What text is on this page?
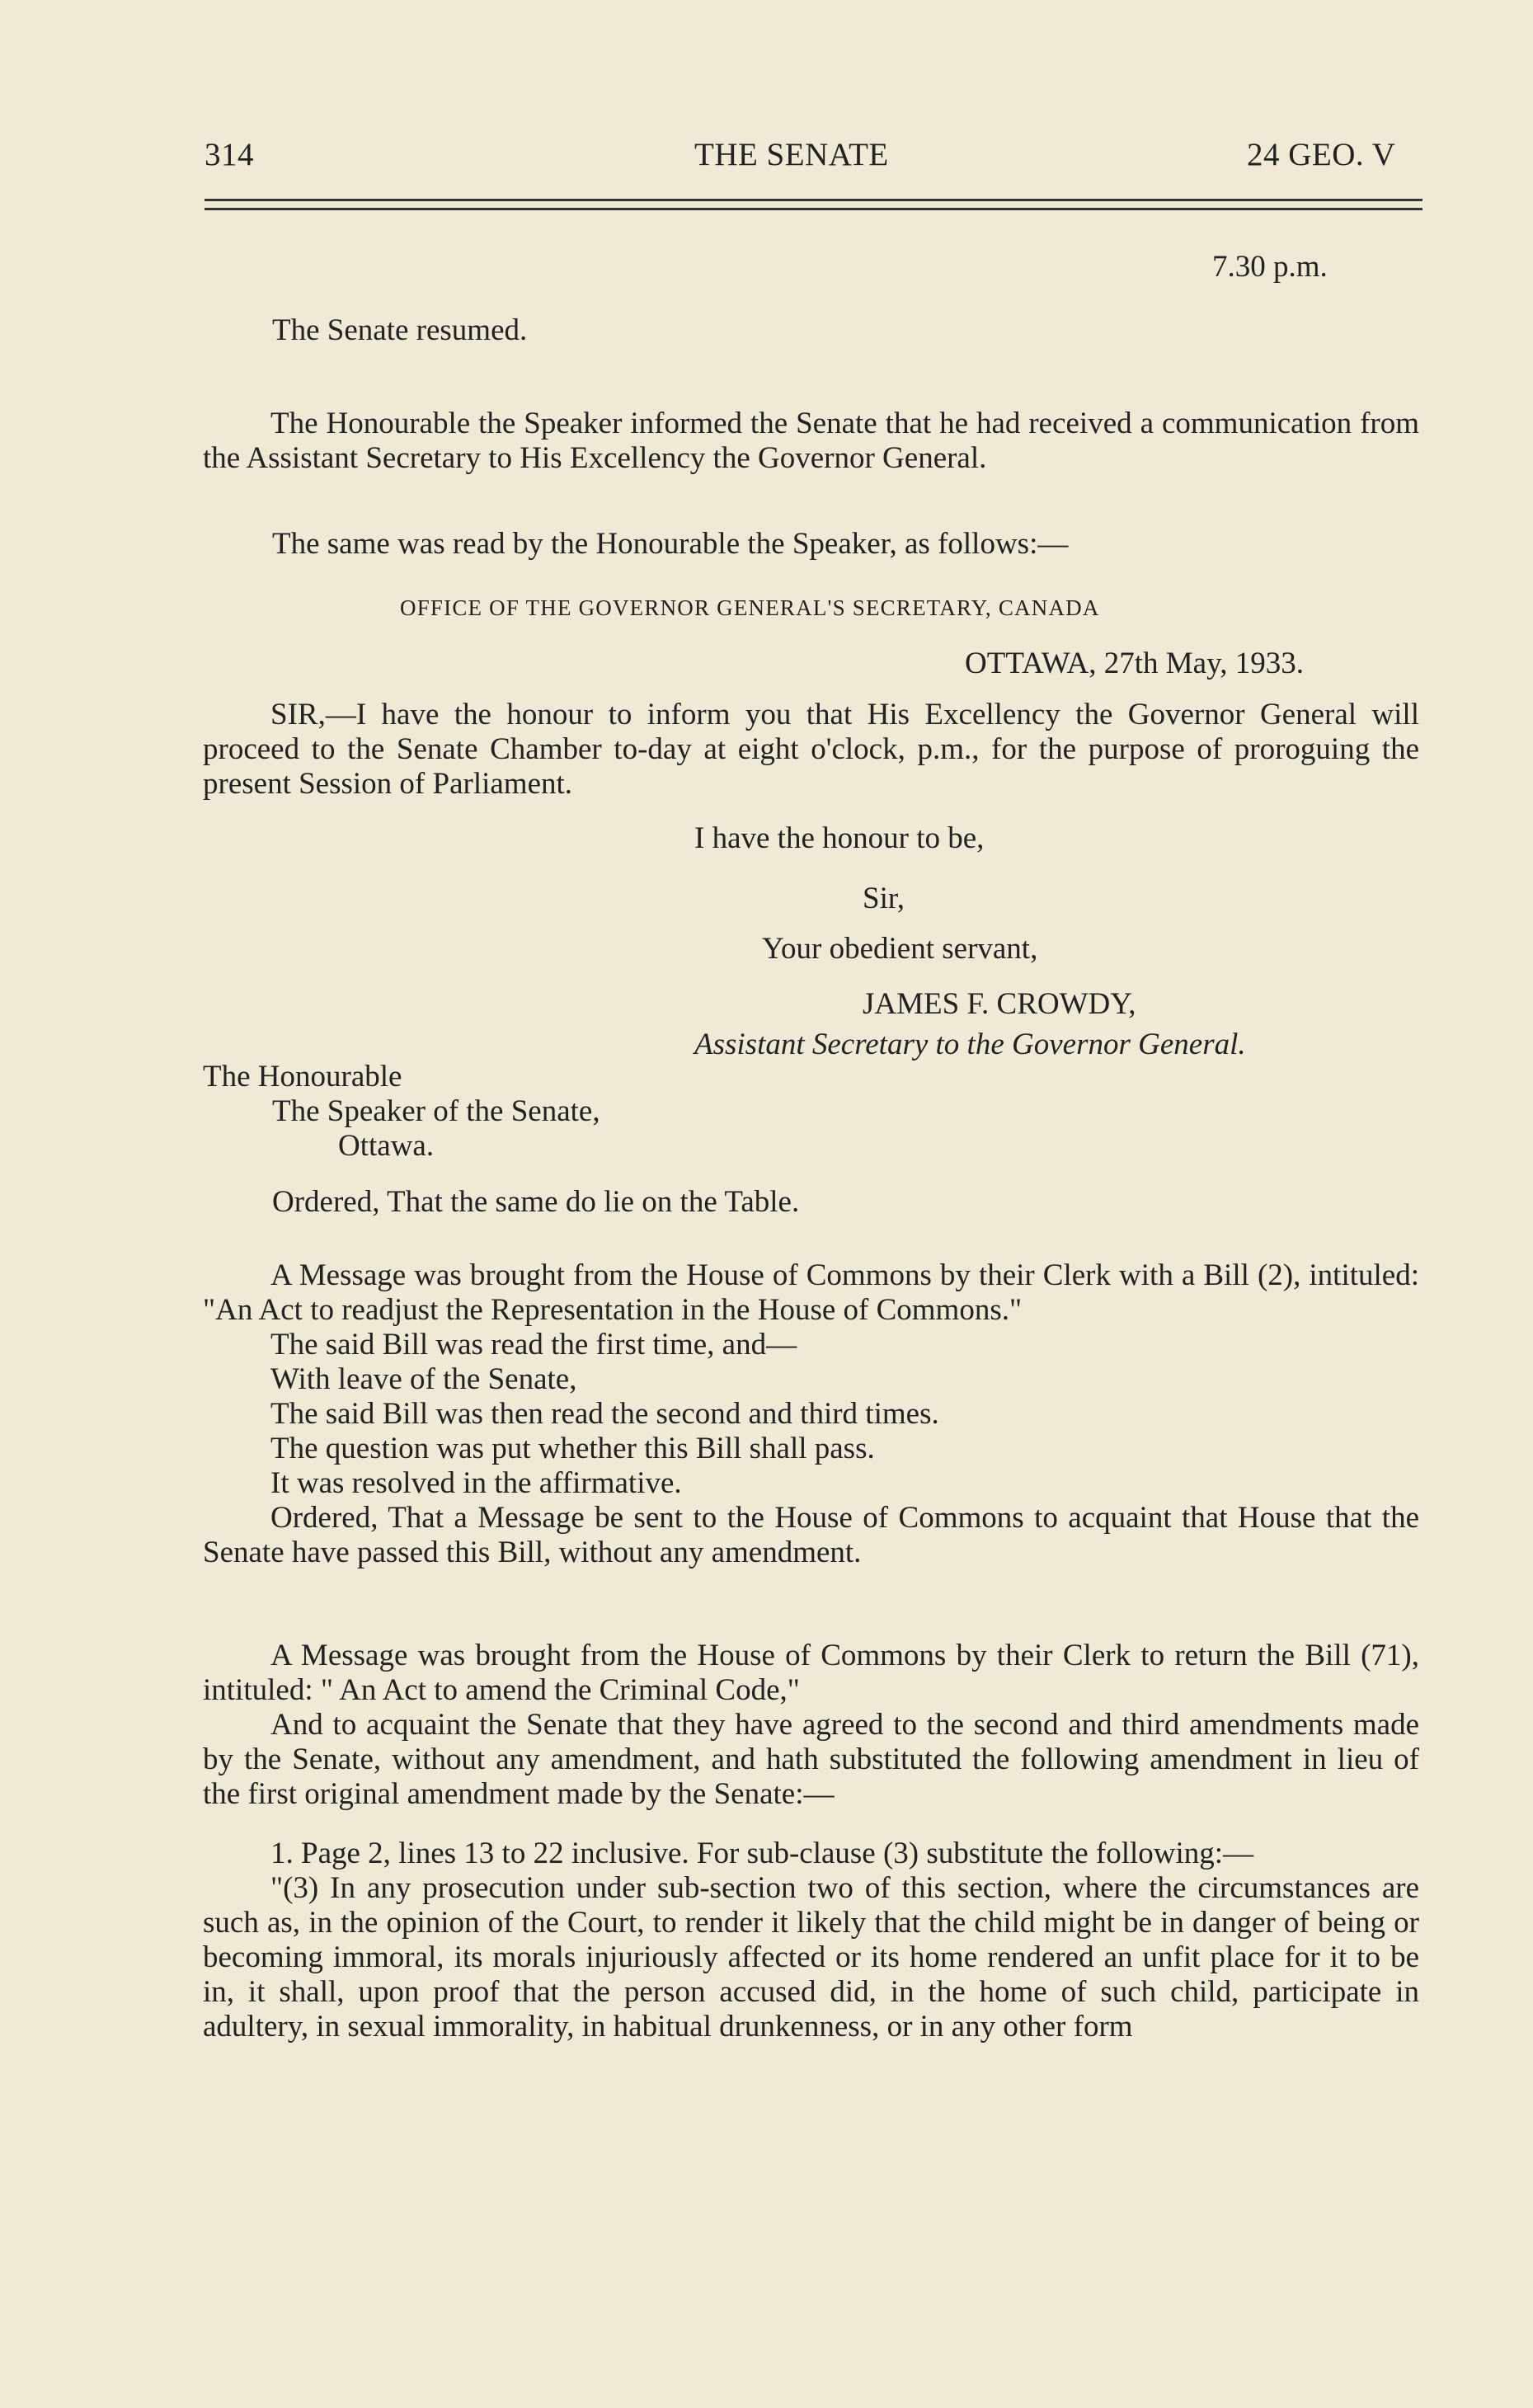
314	THE SENATE	24 GEO. V
7.30 p.m.
The Senate resumed.

The Honourable the Speaker informed the Senate that he had received a communication from the Assistant Secretary to His Excellency the Governor General.

The same was read by the Honourable the Speaker, as follows:—
OFFICE OF THE GOVERNOR GENERAL'S SECRETARY, CANADA
OTTAWA, 27th May, 1933.

SIR,—I have the honour to inform you that His Excellency the Governor General will proceed to the Senate Chamber to-day at eight o'clock, p.m., for the purpose of proroguing the present Session of Parliament.

I have the honour to be,
Sir,
Your obedient servant,
JAMES F. CROWDY,
Assistant Secretary to the Governor General.
The Honourable
The Speaker of the Senate,
Ottawa.
Ordered, That the same do lie on the Table.

A Message was brought from the House of Commons by their Clerk with a Bill (2), intituled: "An Act to readjust the Representation in the House of Commons."

The said Bill was read the first time, and—

With leave of the Senate,

The said Bill was then read the second and third times.

The question was put whether this Bill shall pass.

It was resolved in the affirmative.

Ordered, That a Message be sent to the House of Commons to acquaint that House that the Senate have passed this Bill, without any amendment.

A Message was brought from the House of Commons by their Clerk to return the Bill (71), intituled: " An Act to amend the Criminal Code,"

And to acquaint the Senate that they have agreed to the second and third amendments made by the Senate, without any amendment, and hath substituted the following amendment in lieu of the first original amendment made by the Senate:—

1. Page 2, lines 13 to 22 inclusive. For sub-clause (3) substitute the following:—

"(3) In any prosecution under sub-section two of this section, where the circumstances are such as, in the opinion of the Court, to render it likely that the child might be in danger of being or becoming immoral, its morals injuriously affected or its home rendered an unfit place for it to be in, it shall, upon proof that the person accused did, in the home of such child, participate in adultery, in sexual immorality, in habitual drunkenness, or in any other form
